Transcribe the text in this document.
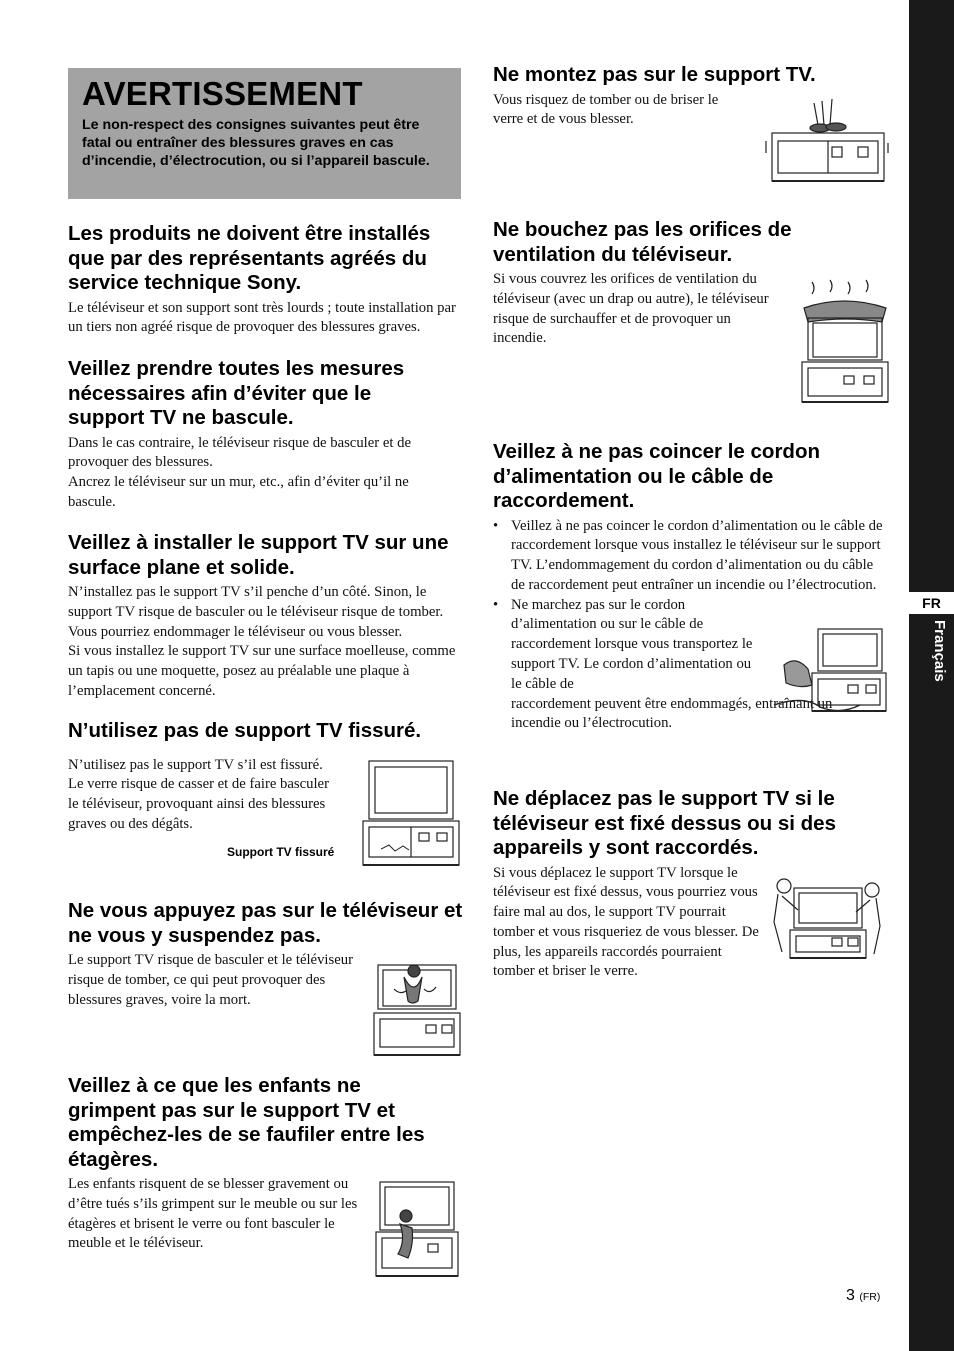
FR
Français
AVERTISSEMENT
Le non-respect des consignes suivantes peut être fatal ou entraîner des blessures graves en cas d’incendie, d’électrocution, ou si l’appareil bascule.
Les produits ne doivent être installés que par des représentants agréés du service technique Sony.

Le téléviseur et son support sont très lourds ; toute installation par un tiers non agréé risque de provoquer des blessures graves.

Veillez prendre toutes les mesures nécessaires afin d’éviter que le support TV ne bascule.

Dans le cas contraire, le téléviseur risque de basculer et de provoquer des blessures.

Ancrez le téléviseur sur un mur, etc., afin d’éviter qu’il ne bascule.

Veillez à installer le support TV sur une surface plane et solide.

N’installez pas le support TV s’il penche d’un côté. Sinon, le support TV risque de basculer ou le téléviseur risque de tomber. Vous pourriez endommager le téléviseur ou vous blesser.

Si vous installez le support TV sur une surface moelleuse, comme un tapis ou une moquette, posez au préalable une plaque à l’emplacement concerné.

N’utilisez pas de support TV fissuré.

N’utilisez pas le support TV s’il est fissuré. Le verre risque de casser et de faire basculer le téléviseur, provoquant ainsi des blessures graves ou des dégâts.

Support TV fissuré
Ne vous appuyez pas sur le téléviseur et ne vous y suspendez pas.

Le support TV risque de basculer et le téléviseur risque de tomber, ce qui peut provoquer des blessures graves, voire la mort.

Veillez à ce que les enfants ne grimpent pas sur le support TV et empêchez-les de se faufiler entre les étagères.

Les enfants risquent de se blesser gravement ou d’être tués s’ils grimpent sur le meuble ou sur les étagères et brisent le verre ou font basculer le meuble et le téléviseur.

Ne montez pas sur le support TV.

Vous risquez de tomber ou de briser le verre et de vous blesser.

Ne bouchez pas les orifices de ventilation du téléviseur.

Si vous couvrez les orifices de ventilation du téléviseur (avec un drap ou autre), le téléviseur risque de surchauffer et de provoquer un incendie.

Veillez à ne pas coincer le cordon d’alimentation ou le câble de raccordement.

• Veillez à ne pas coincer le cordon d’alimentation ou le câble de raccordement lorsque vous installez le téléviseur sur le support TV. L’endommagement du cordon d’alimentation ou du câble de raccordement peut entraîner un incendie ou l’électrocution.

• Ne marchez pas sur le cordon d’alimentation ou sur le câble de raccordement lorsque vous transportez le support TV. Le cordon d’alimentation ou le câble de

raccordement peuvent être endommagés, entraînant un incendie ou l’électrocution.

Ne déplacez pas le support TV si le téléviseur est fixé dessus ou si des appareils y sont raccordés.

Si vous déplacez le support TV lorsque le téléviseur est fixé dessus, vous pourriez vous faire mal au dos, le support TV pourrait tomber et vous risqueriez de vous blesser. De plus, les appareils raccordés pourraient tomber et briser le verre.

3 (FR)
